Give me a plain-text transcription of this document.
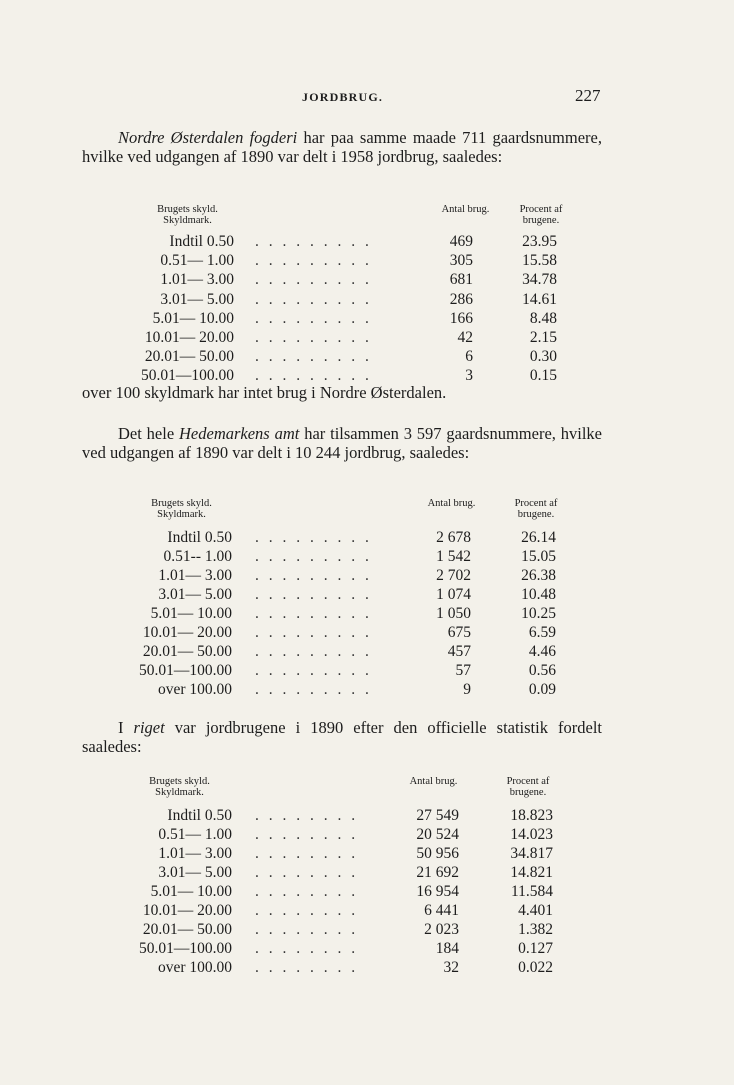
JORDBRUG.	227
Nordre Østerdalen fogderi har paa samme maade 711 gaardsnummere, hvilke ved udgangen af 1890 var delt i 1958 jordbrug, saaledes:
Brugets skyld. Skyldmark.
Antal brug.	Procent af brugene.
Indtil 0.50 . . . . . . . . .	469	23.95
0.51— 1.00 . . . . . . . . .	305	15.58
1.01— 3.00 . . . . . . . . .	681	34.78
3.01— 5.00 . . . . . . . . .	286	14.61
5.01— 10.00 . . . . . . . . .	166	8.48
10.01— 20.00 . . . . . . . . .	42	2.15
20.01— 50.00 . . . . . . . . .	6	0.30
50.01—100.00 . . . . . . . . .	3	0.15
over 100 skyldmark har intet brug i Nordre Østerdalen.
Det hele Hedemarkens amt har tilsammen 3 597 gaardsnummere, hvilke ved udgangen af 1890 var delt i 10 244 jordbrug, saaledes:
Brugets skyld. Skyldmark.
Antal brug.	Procent af brugene.
Indtil 0.50 . . . . . . . . .	2 678	26.14
0.51-- 1.00 . . . . . . . . .	1 542	15.05
1.01— 3.00 . . . . . . . . .	2 702	26.38
3.01— 5.00 . . . . . . . . .	1 074	10.48
5.01— 10.00 . . . . . . . . .	1 050	10.25
10.01— 20.00 . . . . . . . . .	675	6.59
20.01— 50.00 . . . . . . . . .	457	4.46
50.01—100.00 . . . . . . . . .	57	0.56
over 100.00 . . . . . . . . .	9	0.09
I riget var jordbrugene i 1890 efter den officielle statistik fordelt saaledes:
Brugets skyld. Skyldmark.
Antal brug.	Procent af brugene.
Indtil 0.50 . . . . . . . .	27 549	18.823
0.51— 1.00 . . . . . . . .	20 524	14.023
1.01— 3.00 . . . . . . . .	50 956	34.817
3.01— 5.00 . . . . . . . .	21 692	14.821
5.01— 10.00 . . . . . . . .	16 954	11.584
10.01— 20.00 . . . . . . . .	6 441	4.401
20.01— 50.00 . . . . . . . .	2 023	1.382
50.01—100.00 . . . . . . . .	184	0.127
over 100.00 . . . . . . . .	32	0.022
